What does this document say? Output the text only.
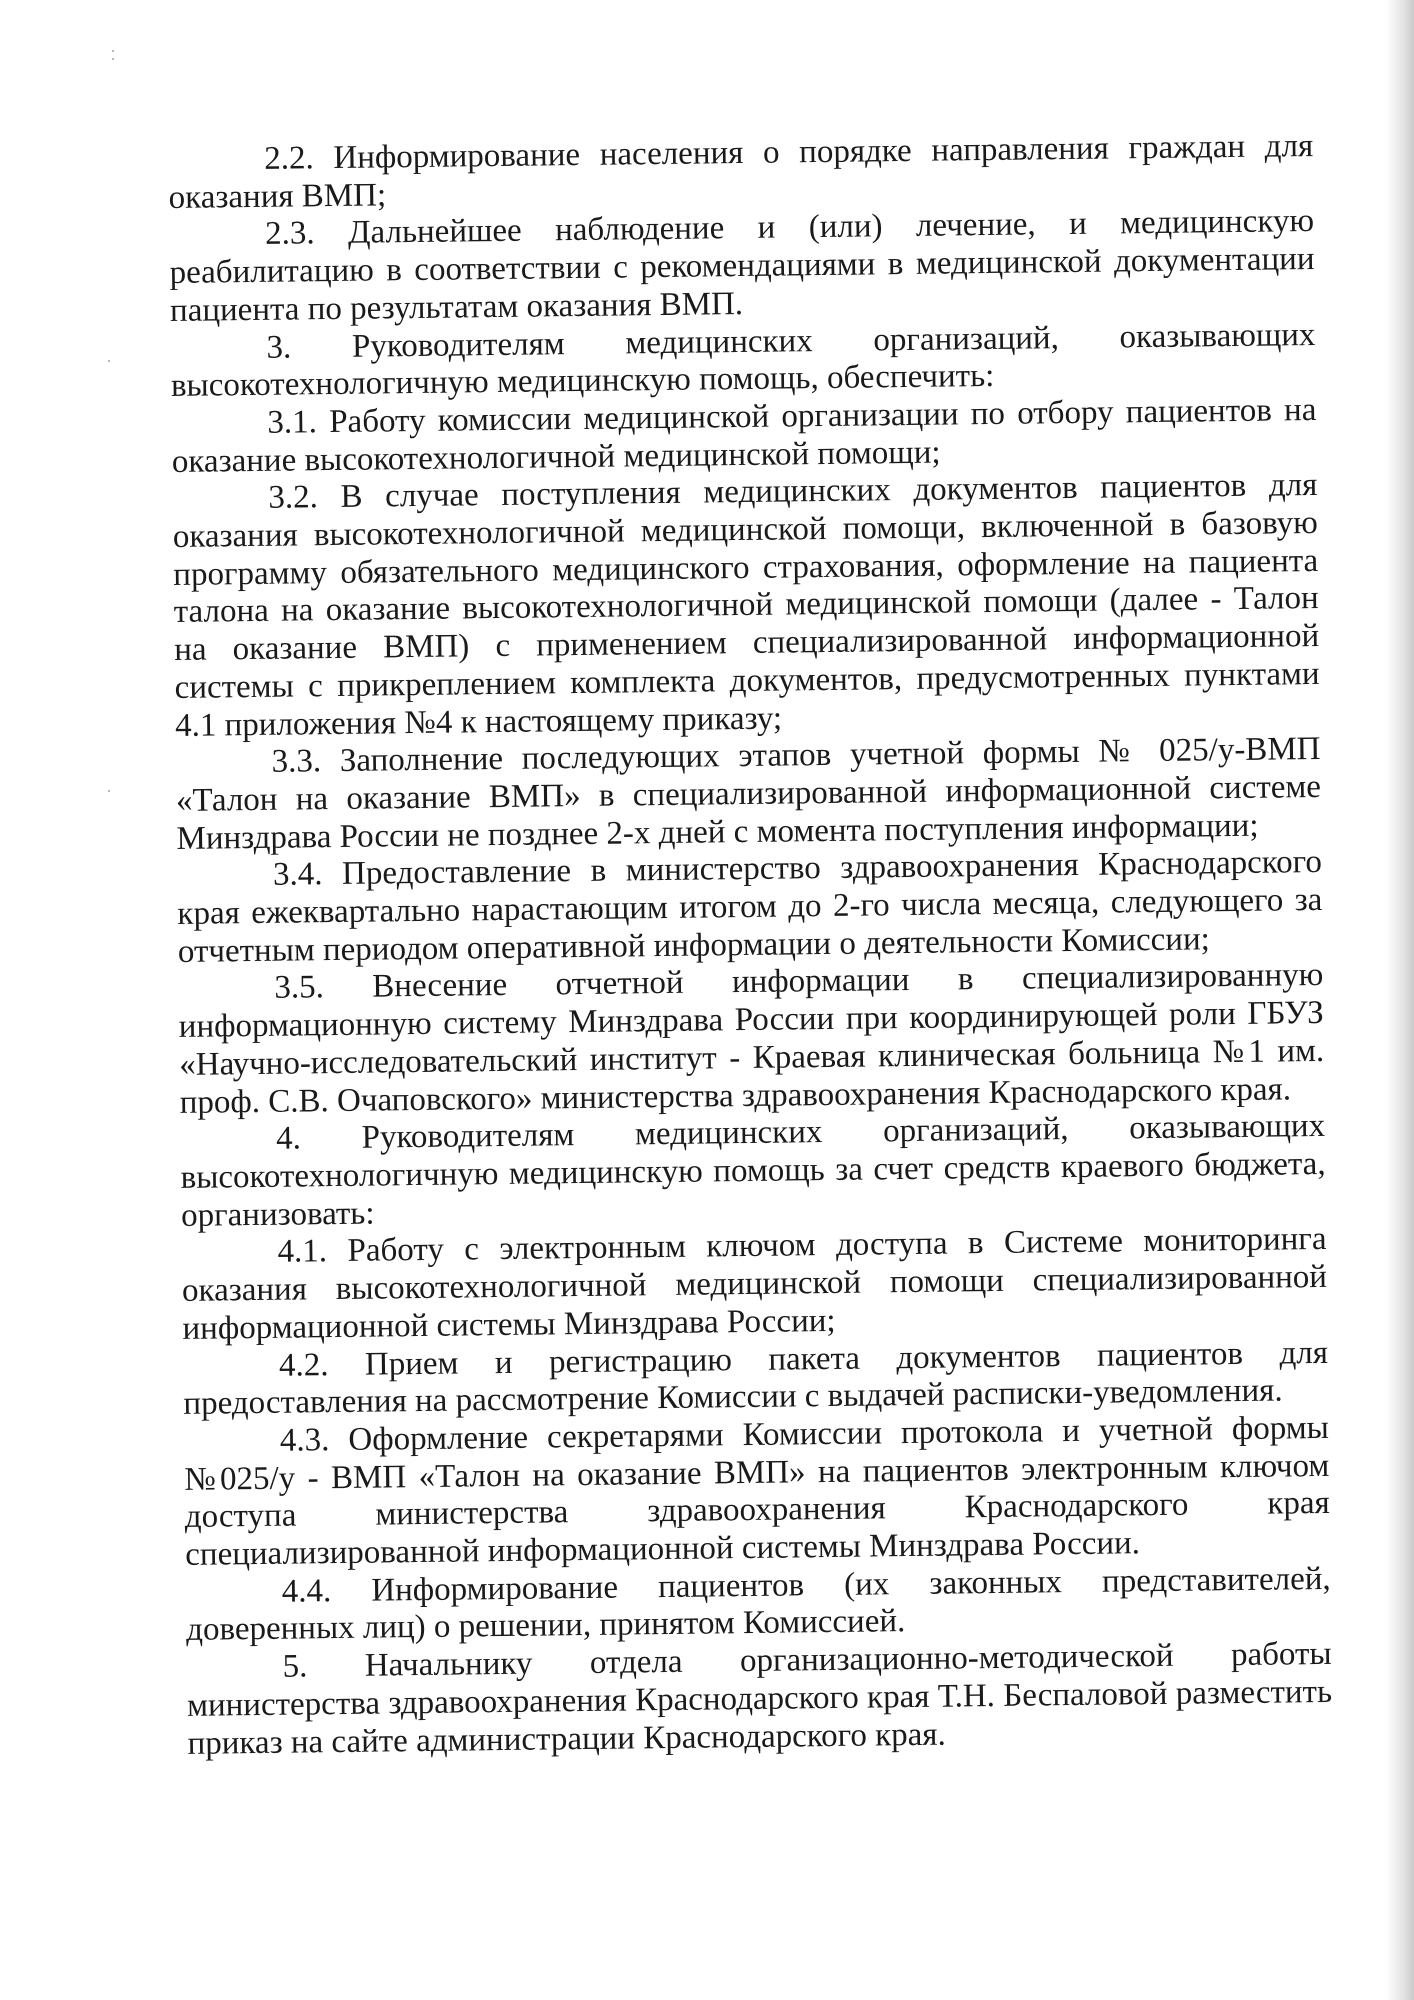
2.2. Информирование населения о порядке направления граждан для оказания ВМП;

2.3. Дальнейшее наблюдение и (или) лечение, и медицинскую реабилитацию в соответствии с рекомендациями в медицинской документации пациента по результатам оказания ВМП.

3. Руководителям медицинских организаций, оказывающих высокотехнологичную медицинскую помощь, обеспечить:

3.1. Работу комиссии медицинской организации по отбору пациентов на оказание высокотехнологичной медицинской помощи;

3.2. В случае поступления медицинских документов пациентов для оказания высокотехнологичной медицинской помощи, включенной в базовую программу обязательного медицинского страхования, оформление на пациента талона на оказание высокотехнологичной медицинской помощи (далее - Талон на оказание ВМП) с применением специализированной информационной системы с прикреплением комплекта документов, предусмотренных пунктами 4.1 приложения №4 к настоящему приказу;

3.3. Заполнение последующих этапов учетной формы № 025/у-ВМП «Талон на оказание ВМП» в специализированной информационной системе Минздрава России не позднее 2-х дней с момента поступления информации;

3.4. Предоставление в министерство здравоохранения Краснодарского края ежеквартально нарастающим итогом до 2-го числа месяца, следующего за отчетным периодом оперативной информации о деятельности Комиссии;

3.5. Внесение отчетной информации в специализированную информационную систему Минздрава России при координирующей роли ГБУЗ «Научно-исследовательский институт - Краевая клиническая больница №1 им. проф. С.В. Очаповского» министерства здравоохранения Краснодарского края.

4. Руководителям медицинских организаций, оказывающих высокотехнологичную медицинскую помощь за счет средств краевого бюджета, организовать:

4.1. Работу с электронным ключом доступа в Системе мониторинга оказания высокотехнологичной медицинской помощи специализированной информационной системы Минздрава России;

4.2. Прием и регистрацию пакета документов пациентов для предоставления на рассмотрение Комиссии с выдачей расписки-уведомления.

4.3. Оформление секретарями Комиссии протокола и учетной формы №025/у - ВМП «Талон на оказание ВМП» на пациентов электронным ключом доступа министерства здравоохранения Краснодарского края специализированной информационной системы Минздрава России.

4.4. Информирование пациентов (их законных представителей, доверенных лиц) о решении, принятом Комиссией.

5. Начальнику отдела организационно-методической работы министерства здравоохранения Краснодарского края Т.Н. Беспаловой разместить приказ на сайте администрации Краснодарского края.
